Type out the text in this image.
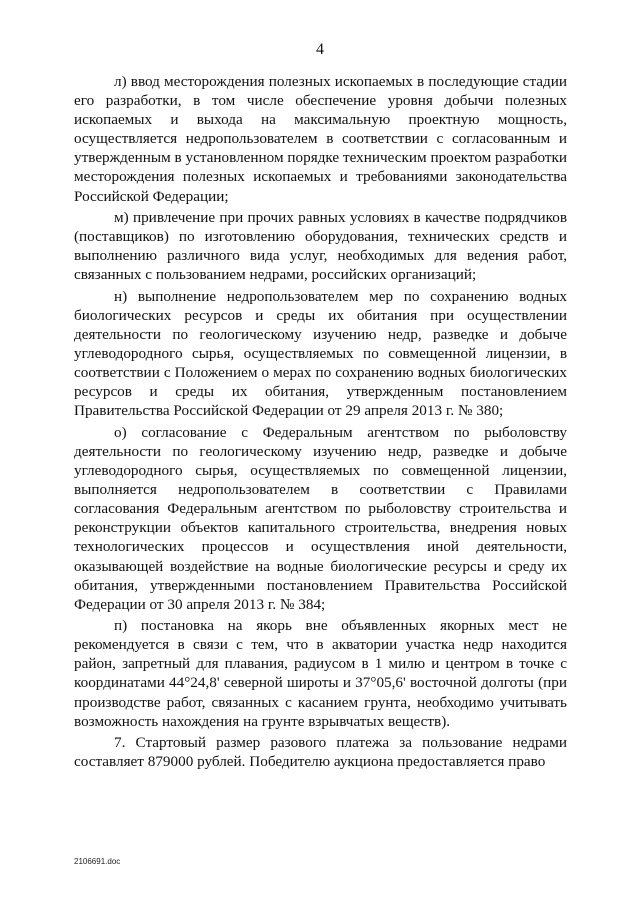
4

л) ввод месторождения полезных ископаемых в последующие стадии его разработки, в том числе обеспечение уровня добычи полезных ископаемых и выхода на максимальную проектную мощность, осуществляется недропользователем в соответствии с согласованным и утвержденным в установленном порядке техническим проектом разработки месторождения полезных ископаемых и требованиями законодательства Российской Федерации;

м) привлечение при прочих равных условиях в качестве подрядчиков (поставщиков) по изготовлению оборудования, технических средств и выполнению различного вида услуг, необходимых для ведения работ, связанных с пользованием недрами, российских организаций;

н) выполнение недропользователем мер по сохранению водных биологических ресурсов и среды их обитания при осуществлении деятельности по геологическому изучению недр, разведке и добыче углеводородного сырья, осуществляемых по совмещенной лицензии, в соответствии с Положением о мерах по сохранению водных биологических ресурсов и среды их обитания, утвержденным постановлением Правительства Российской Федерации от 29 апреля 2013 г. № 380;

о) согласование с Федеральным агентством по рыболовству деятельности по геологическому изучению недр, разведке и добыче углеводородного сырья, осуществляемых по совмещенной лицензии, выполняется недропользователем в соответствии с Правилами согласования Федеральным агентством по рыболовству строительства и реконструкции объектов капитального строительства, внедрения новых технологических процессов и осуществления иной деятельности, оказывающей воздействие на водные биологические ресурсы и среду их обитания, утвержденными постановлением Правительства Российской Федерации от 30 апреля 2013 г. № 384;

п) постановка на якорь вне объявленных якорных мест не рекомендуется в связи с тем, что в акватории участка недр находится район, запретный для плавания, радиусом в 1 милю и центром в точке с координатами 44°24,8' северной широты и 37°05,6' восточной долготы (при производстве работ, связанных с касанием грунта, необходимо учитывать возможность нахождения на грунте взрывчатых веществ).

7. Стартовый размер разового платежа за пользование недрами составляет 879000 рублей. Победителю аукциона предоставляется право

2106691.doc
